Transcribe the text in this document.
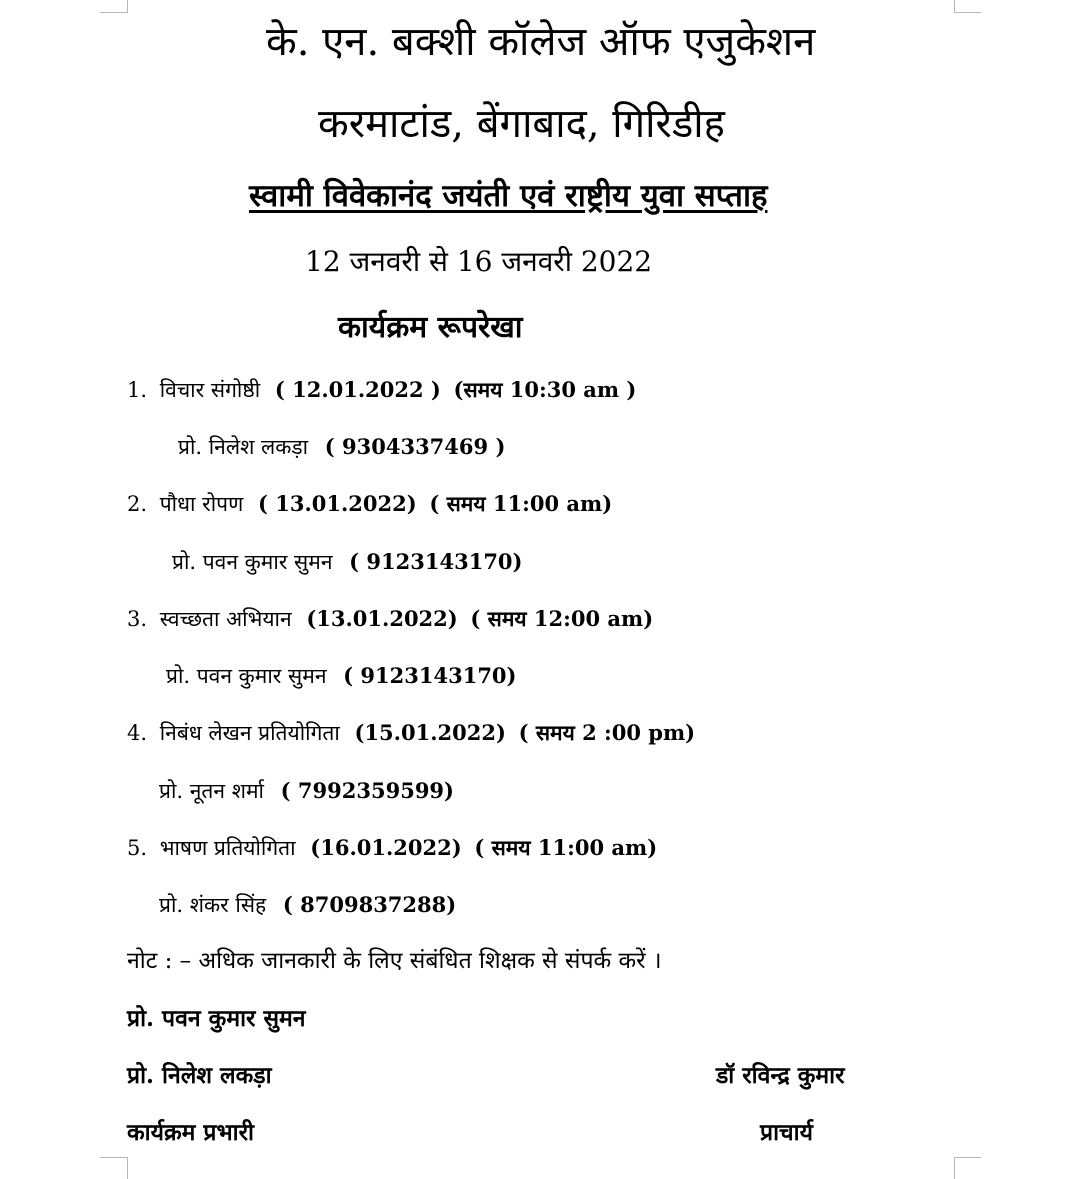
के. एन. बक्शी कॉलेज ऑफ एजुकेशन
करमाटांड, बेंगाबाद, गिरिडीह
स्वामी विवेकानंद जयंती एवं राष्ट्रीय युवा सप्ताह
12 जनवरी से 16 जनवरी 2022
कार्यक्रम रूपरेखा
1. विचार संगोष्ठी ( 12.01.2022 ) (समय 10:30 am )
प्रो. निलेश लकड़ा ( 9304337469 )
2. पौधा रोपण ( 13.01.2022) ( समय 11:00 am)
प्रो. पवन कुमार सुमन ( 9123143170)
3. स्वच्छता अभियान (13.01.2022) ( समय 12:00 am)
प्रो. पवन कुमार सुमन ( 9123143170)
4. निबंध लेखन प्रतियोगिता (15.01.2022) ( समय 2 :00 pm)
प्रो. नूतन शर्मा ( 7992359599)
5. भाषण प्रतियोगिता (16.01.2022) ( समय 11:00 am)
प्रो. शंकर सिंह ( 8709837288)
नोट : – अधिक जानकारी के लिए संबंधित शिक्षक से संपर्क करें ।
प्रो. पवन कुमार सुमन
प्रो. निलेश लकड़ा
कार्यक्रम प्रभारी
डॉ रविन्द्र कुमार
प्राचार्य
